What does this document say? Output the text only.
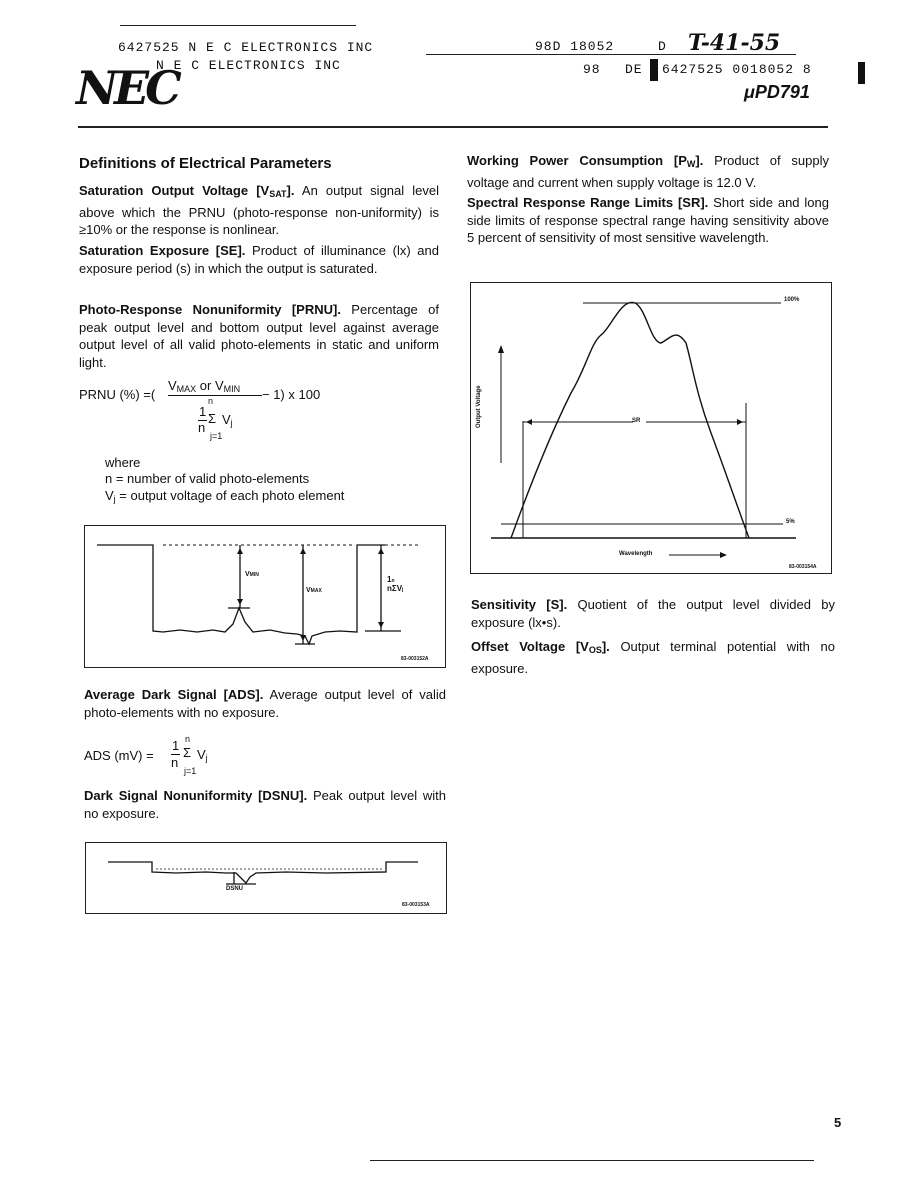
6427525 N E C ELECTRONICS INC	98D 18052	D T-41-55
N E C ELECTRONICS INC	98 DE 6427525 0018052 8
NEC	μPD791
Definitions of Electrical Parameters
Saturation Output Voltage $[V_{SAT}]$. An output signal level above which the PRNU (photo-response non-uniformity) is ≥10% or the response is nonlinear.
Saturation Exposure [SE]. Product of illuminance (lx) and exposure period (s) in which the output is saturated.
Photo-Response Nonuniformity [PRNU]. Percentage of peak output level and bottom output level against average output level of all valid photo-elements in static and uniform light.
PRNU (%) =(
$V_{MAX}$ or $V_{MIN} - 1$) x 100
n
1
n
Σ $V_j$
j=1
where
n = number of valid photo-elements
$V_j$ = output voltage of each photo element
VMIN
VMAX
1n
nΣVj
83-003152A
Average Dark Signal [ADS]. Average output level of valid photo-elements with no exposure.
ADS (mV) =
n
1
n
Σ $V_j$
j=1
Dark Signal Nonuniformity [DSNU]. Peak output level with no exposure.
DSNU
83-003153A
Working Power Consumption $[P_W]$. Product of supply voltage and current when supply voltage is 12.0 V.
Spectral Response Range Limits [SR]. Short side and long side limits of response spectral range having sensitivity above 5 percent of sensitivity of most sensitive wavelength.
100%
5%
SR
Output Voltage
Wavelength
83-003154A
Sensitivity [S]. Quotient of the output level divided by exposure (lx•s).
Offset Voltage $[V_{OS}]$. Output terminal potential with no exposure.
5
